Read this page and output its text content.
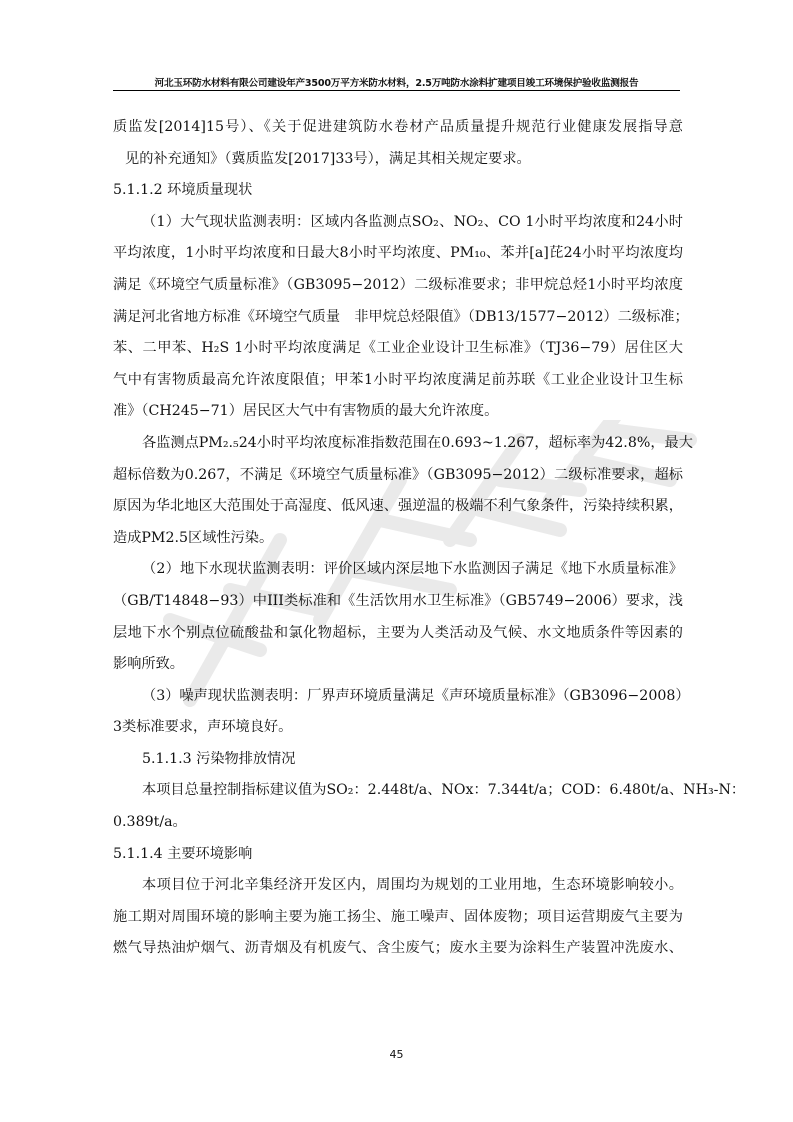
河北玉环防水材料有限公司建设年产3500万平方米防水材料，2.5万吨防水涂料扩建项目竣工环境保护验收监测报告

质监发[2014]15号）、《关于促进建筑防水卷材产品质量提升规范行业健康发展指导意
见的补充通知》（冀质监发[2017]33号），满足其相关规定要求。

5.1.1.2 环境质量现状

（1）大气现状监测表明：区域内各监测点SO₂、NO₂、CO 1小时平均浓度和24小时
平均浓度，1小时平均浓度和日最大8小时平均浓度、PM₁₀、苯并[a]芘24小时平均浓度均
满足《环境空气质量标准》（GB3095−2012）二级标准要求；非甲烷总烃1小时平均浓度
满足河北省地方标准《环境空气质量　非甲烷总烃限值》（DB13/1577−2012）二级标准；
苯、二甲苯、H₂S 1小时平均浓度满足《工业企业设计卫生标准》（TJ36−79）居住区大
气中有害物质最高允许浓度限值；甲苯1小时平均浓度满足前苏联《工业企业设计卫生标
准》（CH245−71）居民区大气中有害物质的最大允许浓度。

各监测点PM₂.₅24小时平均浓度标准指数范围在0.693~1.267，超标率为42.8%，最大
超标倍数为0.267，不满足《环境空气质量标准》（GB3095−2012）二级标准要求，超标
原因为华北地区大范围处于高湿度、低风速、强逆温的极端不利气象条件，污染持续积累，
造成PM2.5区域性污染。

（2）地下水现状监测表明：评价区域内深层地下水监测因子满足《地下水质量标准》
（GB/T14848−93）中III类标准和《生活饮用水卫生标准》（GB5749−2006）要求，浅
层地下水个别点位硫酸盐和氯化物超标，主要为人类活动及气候、水文地质条件等因素的
影响所致。

（3）噪声现状监测表明：厂界声环境质量满足《声环境质量标准》（GB3096−2008）
3类标准要求，声环境良好。

5.1.1.3 污染物排放情况

本项目总量控制指标建议值为SO₂：2.448t/a、NOx：7.344t/a；COD：6.480t/a、NH₃-N：
0.389t/a。

5.1.1.4 主要环境影响

本项目位于河北辛集经济开发区内，周围均为规划的工业用地，生态环境影响较小。
施工期对周围环境的影响主要为施工扬尘、施工噪声、固体废物；项目运营期废气主要为
燃气导热油炉烟气、沥青烟及有机废气、含尘废气；废水主要为涂料生产装置冲洗废水、

45
